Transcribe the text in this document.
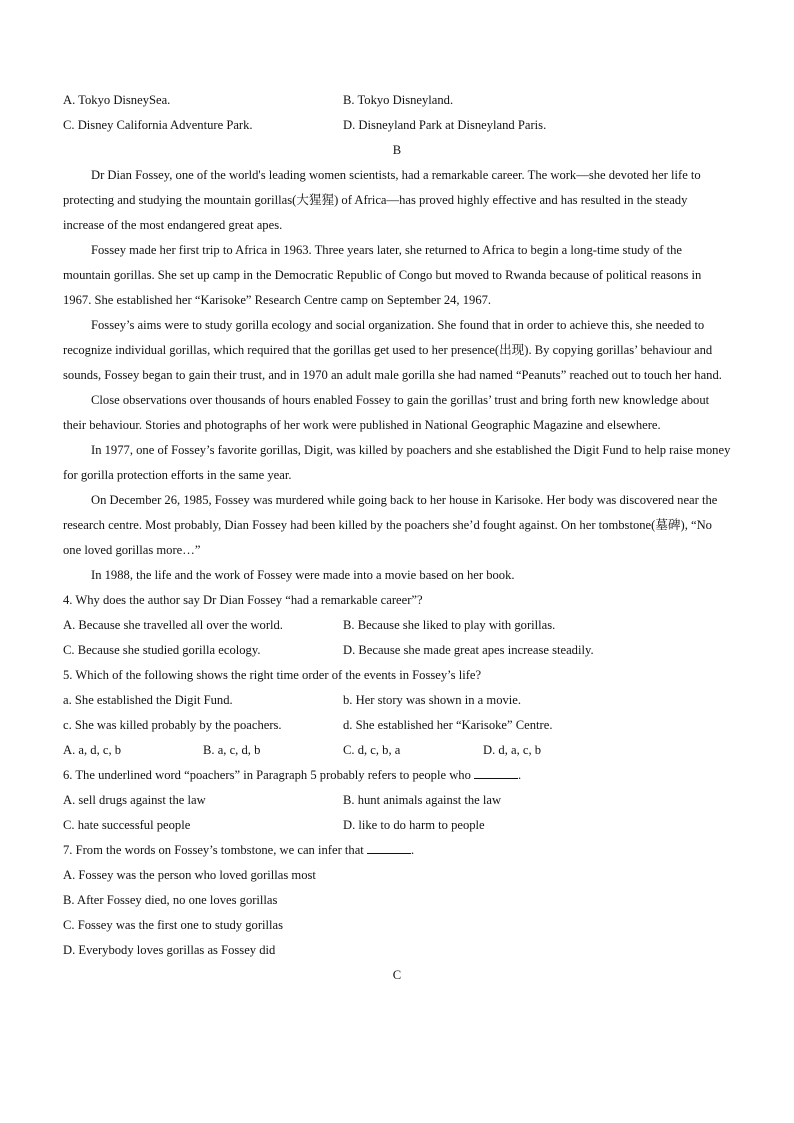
A. Tokyo DisneySea.	B. Tokyo Disneyland.
C. Disney California Adventure Park.	D. Disneyland Park at Disneyland Paris.
B
Dr Dian Fossey, one of the world's leading women scientists, had a remarkable career. The work—she devoted her life to protecting and studying the mountain gorillas(大猩猩) of Africa—has proved highly effective and has resulted in the steady increase of the most endangered great apes.
Fossey made her first trip to Africa in 1963. Three years later, she returned to Africa to begin a long-time study of the mountain gorillas. She set up camp in the Democratic Republic of Congo but moved to Rwanda because of political reasons in 1967. She established her “Karisoke” Research Centre camp on September 24, 1967.
Fossey’s aims were to study gorilla ecology and social organization. She found that in order to achieve this, she needed to recognize individual gorillas, which required that the gorillas get used to her presence(出现). By copying gorillas’ behaviour and sounds, Fossey began to gain their trust, and in 1970 an adult male gorilla she had named “Peanuts” reached out to touch her hand.
Close observations over thousands of hours enabled Fossey to gain the gorillas’ trust and bring forth new knowledge about their behaviour. Stories and photographs of her work were published in National Geographic Magazine and elsewhere.
In 1977, one of Fossey’s favorite gorillas, Digit, was killed by poachers and she established the Digit Fund to help raise money for gorilla protection efforts in the same year.
On December 26, 1985, Fossey was murdered while going back to her house in Karisoke. Her body was discovered near the research centre. Most probably, Dian Fossey had been killed by the poachers she’d fought against. On her tombstone(墓碑), “No one loved gorillas more…”
In 1988, the life and the work of Fossey were made into a movie based on her book.
4. Why does the author say Dr Dian Fossey “had a remarkable career”?
A. Because she travelled all over the world.	B. Because she liked to play with gorillas.
C. Because she studied gorilla ecology.	D. Because she made great apes increase steadily.
5. Which of the following shows the right time order of the events in Fossey’s life?
a. She established the Digit Fund.	b. Her story was shown in a movie.
c. She was killed probably by the poachers.	d. She established her “Karisoke” Centre.
A. a, d, c, b	B. a, c, d, b	C. d, c, b, a	D. d, a, c, b
6. The underlined word “poachers” in Paragraph 5 probably refers to people who	.
A. sell drugs against the law	B. hunt animals against the law
C. hate successful people	D. like to do harm to people
7. From the words on Fossey’s tombstone, we can infer that	.
A. Fossey was the person who loved gorillas most
B. After Fossey died, no one loves gorillas
C. Fossey was the first one to study gorillas
D. Everybody loves gorillas as Fossey did
C
